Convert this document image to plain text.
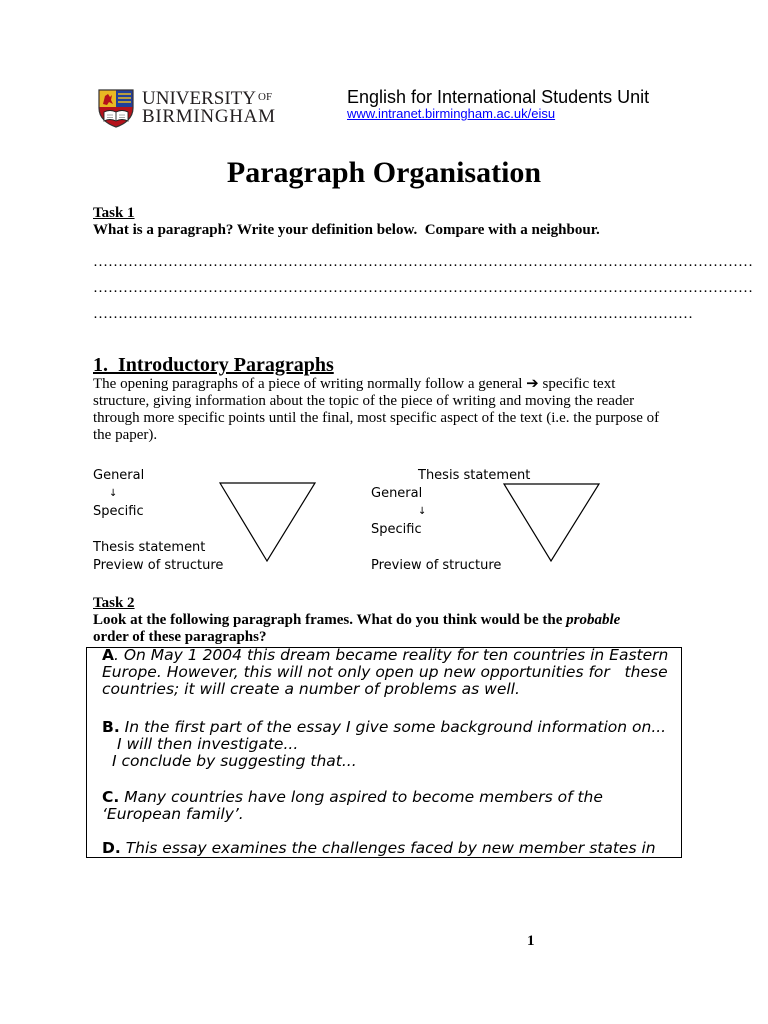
UNIVERSITY OF
BIRMINGHAM
English for International Students Unit
www.intranet.birmingham.ac.uk/eisu
Paragraph Organisation
Task 1
What is a paragraph? Write your definition below.  Compare with a neighbour.
……………………………………………………………………………………………………………………
……………………………………………………………………………………………………………………
…………………………………………………………………………………………………………
1.  Introductory Paragraphs
The opening paragraphs of a piece of writing normally follow a general ➔ specific text
structure, giving information about the topic of the piece of writing and moving the reader
through more specific points until the final, most specific aspect of the text (i.e. the purpose of
the paper).
General
↓
Specific
Thesis statement
Preview of structure
Thesis statement
General
↓
Specific
Preview of structure
Task 2
Look at the following paragraph frames. What do you think would be the probable
order of these paragraphs?
A. On May 1 2004 this dream became reality for ten countries in Eastern
Europe. However, this will not only open up new opportunities for   these
countries; it will create a number of problems as well.
B. In the first part of the essay I give some background information on...
I will then investigate...
I conclude by suggesting that...
C. Many countries have long aspired to become members of the
‘European family’.
D. This essay examines the challenges faced by new member states in
1
